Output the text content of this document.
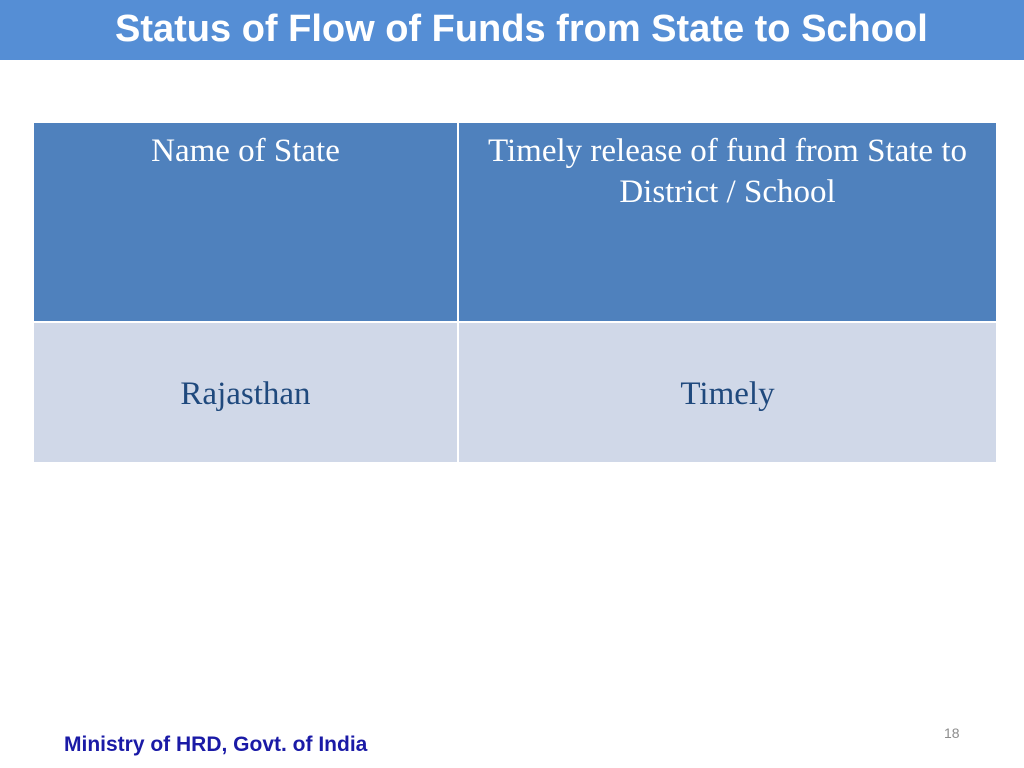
Status of Flow of Funds from State to School
Name of State	Timely release of fund from State to District / School
Rajasthan	Timely
18
Ministry of HRD, Govt. of India
